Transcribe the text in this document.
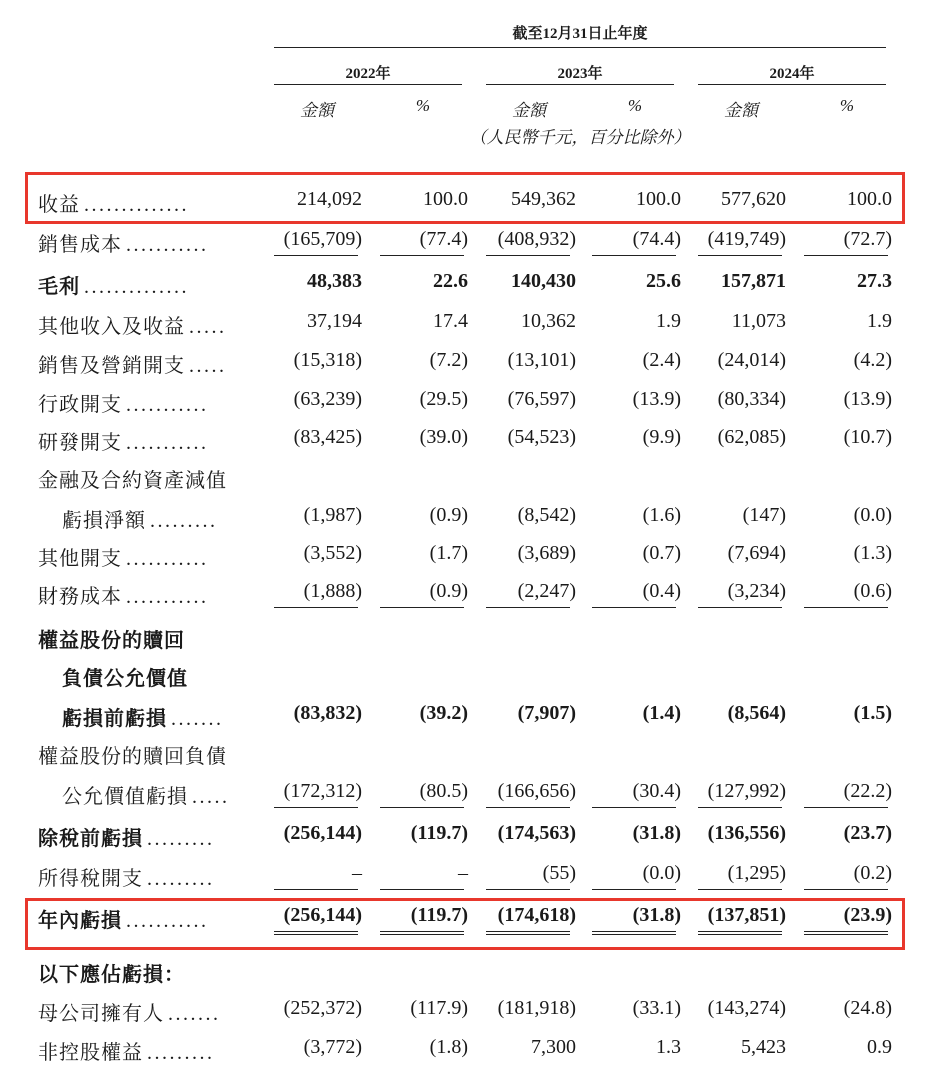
截至12月31日止年度
2022年	2023年	2024年
金額	%	金額	%	金額	%
（人民幣千元，百分比除外）
收益 ..............	214,092	100.0	549,362	100.0	577,620	100.0
銷售成本 ...........	(165,709)	(77.4)	(408,932)	(74.4)	(419,749)	(72.7)
毛利 ..............	48,383	22.6	140,430	25.6	157,871	27.3
其他收入及收益 .....	37,194	17.4	10,362	1.9	11,073	1.9
銷售及營銷開支 .....	(15,318)	(7.2)	(13,101)	(2.4)	(24,014)	(4.2)
行政開支 ...........	(63,239)	(29.5)	(76,597)	(13.9)	(80,334)	(13.9)
研發開支 ...........	(83,425)	(39.0)	(54,523)	(9.9)	(62,085)	(10.7)
金融及合約資產減值
虧損淨額 .........	(1,987)	(0.9)	(8,542)	(1.6)	(147)	(0.0)
其他開支 ...........	(3,552)	(1.7)	(3,689)	(0.7)	(7,694)	(1.3)
財務成本 ...........	(1,888)	(0.9)	(2,247)	(0.4)	(3,234)	(0.6)
權益股份的贖回
負債公允價值
虧損前虧損 .......	(83,832)	(39.2)	(7,907)	(1.4)	(8,564)	(1.5)
權益股份的贖回負債
公允價值虧損 .....	(172,312)	(80.5)	(166,656)	(30.4)	(127,992)	(22.2)
除稅前虧損 .........	(256,144)	(119.7)	(174,563)	(31.8)	(136,556)	(23.7)
所得稅開支 .........	–	–	(55)	(0.0)	(1,295)	(0.2)
年內虧損 ...........	(256,144)	(119.7)	(174,618)	(31.8)	(137,851)	(23.9)
以下應佔虧損：
母公司擁有人 .......	(252,372)	(117.9)	(181,918)	(33.1)	(143,274)	(24.8)
非控股權益 .........	(3,772)	(1.8)	7,300	1.3	5,423	0.9
